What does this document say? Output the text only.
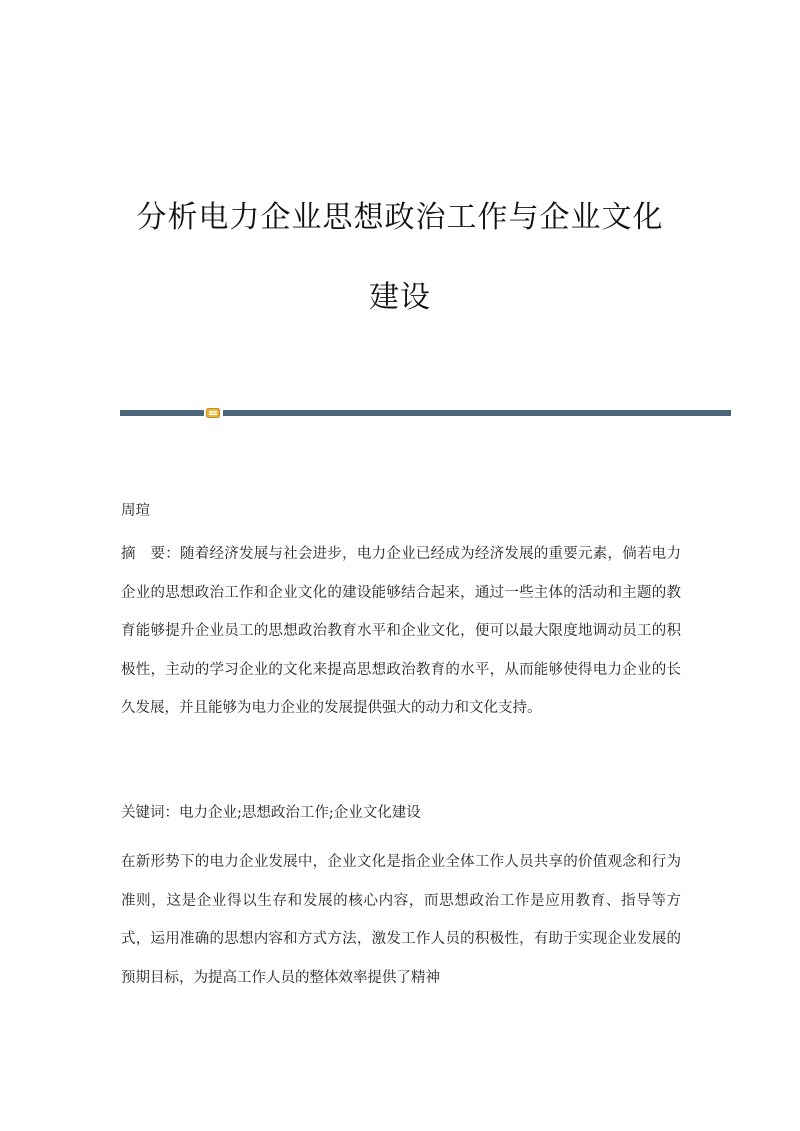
分析电力企业思想政治工作与企业文化
建设
周瑄
摘　要：随着经济发展与社会进步，电力企业已经成为经济发展的重要元素，倘若电力企业的思想政治工作和企业文化的建设能够结合起来，通过一些主体的活动和主题的教育能够提升企业员工的思想政治教育水平和企业文化，便可以最大限度地调动员工的积极性，主动的学习企业的文化来提高思想政治教育的水平，从而能够使得电力企业的长久发展，并且能够为电力企业的发展提供强大的动力和文化支持。
关键词：电力企业;思想政治工作;企业文化建设
在新形势下的电力企业发展中，企业文化是指企业全体工作人员共享的价值观念和行为准则，这是企业得以生存和发展的核心内容，而思想政治工作是应用教育、指导等方式，运用准确的思想内容和方式方法，激发工作人员的积极性，有助于实现企业发展的预期目标，为提高工作人员的整体效率提供了精神
